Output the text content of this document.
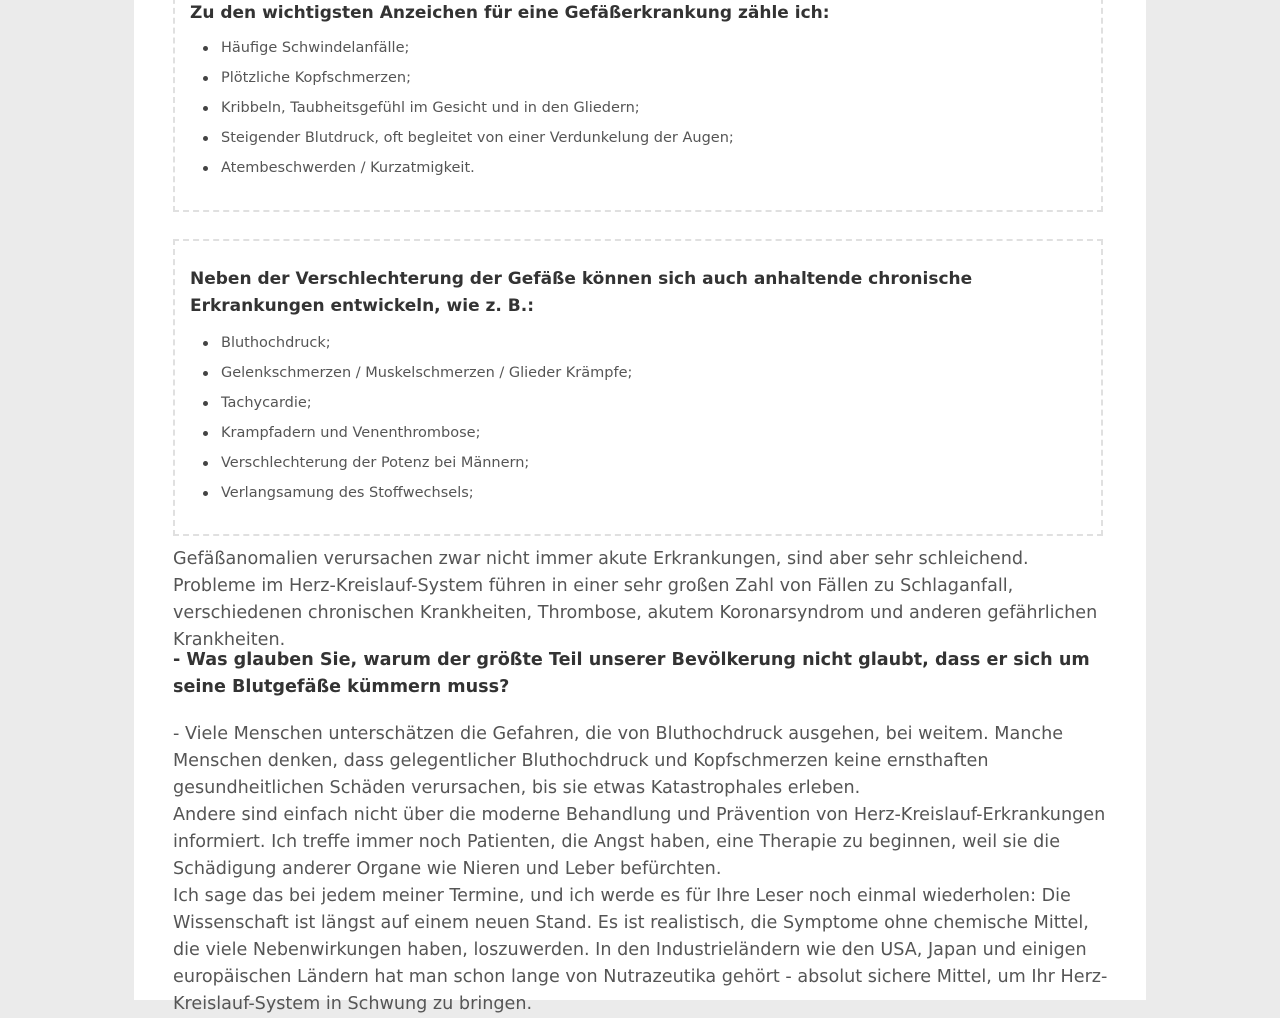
Zu den wichtigsten Anzeichen für eine Gefäßerkrankung zähle ich:
Häufige Schwindelanfälle;
Plötzliche Kopfschmerzen;
Kribbeln, Taubheitsgefühl im Gesicht und in den Gliedern;
Steigender Blutdruck, oft begleitet von einer Verdunkelung der Augen;
Atembeschwerden / Kurzatmigkeit.
Neben der Verschlechterung der Gefäße können sich auch anhaltende chronische Erkrankungen entwickeln, wie z. B.:
Bluthochdruck;
Gelenkschmerzen / Muskelschmerzen / Glieder Krämpfe;
Tachycardie;
Krampfadern und Venenthrombose;
Verschlechterung der Potenz bei Männern;
Verlangsamung des Stoffwechsels;

Gefäßanomalien verursachen zwar nicht immer akute Erkrankungen, sind aber sehr schleichend. Probleme im Herz-Kreislauf-System führen in einer sehr großen Zahl von Fällen zu Schlaganfall, verschiedenen chronischen Krankheiten, Thrombose, akutem Koronarsyndrom und anderen gefährlichen Krankheiten.

- Was glauben Sie, warum der größte Teil unserer Bevölkerung nicht glaubt, dass er sich um seine Blutgefäße kümmern muss?

- Viele Menschen unterschätzen die Gefahren, die von Bluthochdruck ausgehen, bei weitem. Manche Menschen denken, dass gelegentlicher Bluthochdruck und Kopfschmerzen keine ernsthaften gesundheitlichen Schäden verursachen, bis sie etwas Katastrophales erleben.

Andere sind einfach nicht über die moderne Behandlung und Prävention von Herz-Kreislauf-Erkrankungen informiert. Ich treffe immer noch Patienten, die Angst haben, eine Therapie zu beginnen, weil sie die Schädigung anderer Organe wie Nieren und Leber befürchten.

Ich sage das bei jedem meiner Termine, und ich werde es für Ihre Leser noch einmal wiederholen: Die Wissenschaft ist längst auf einem neuen Stand. Es ist realistisch, die Symptome ohne chemische Mittel, die viele Nebenwirkungen haben, loszuwerden. In den Industrieländern wie den USA, Japan und einigen europäischen Ländern hat man schon lange von Nutrazeutika gehört - absolut sichere Mittel, um Ihr Herz-Kreislauf-System in Schwung zu bringen.
